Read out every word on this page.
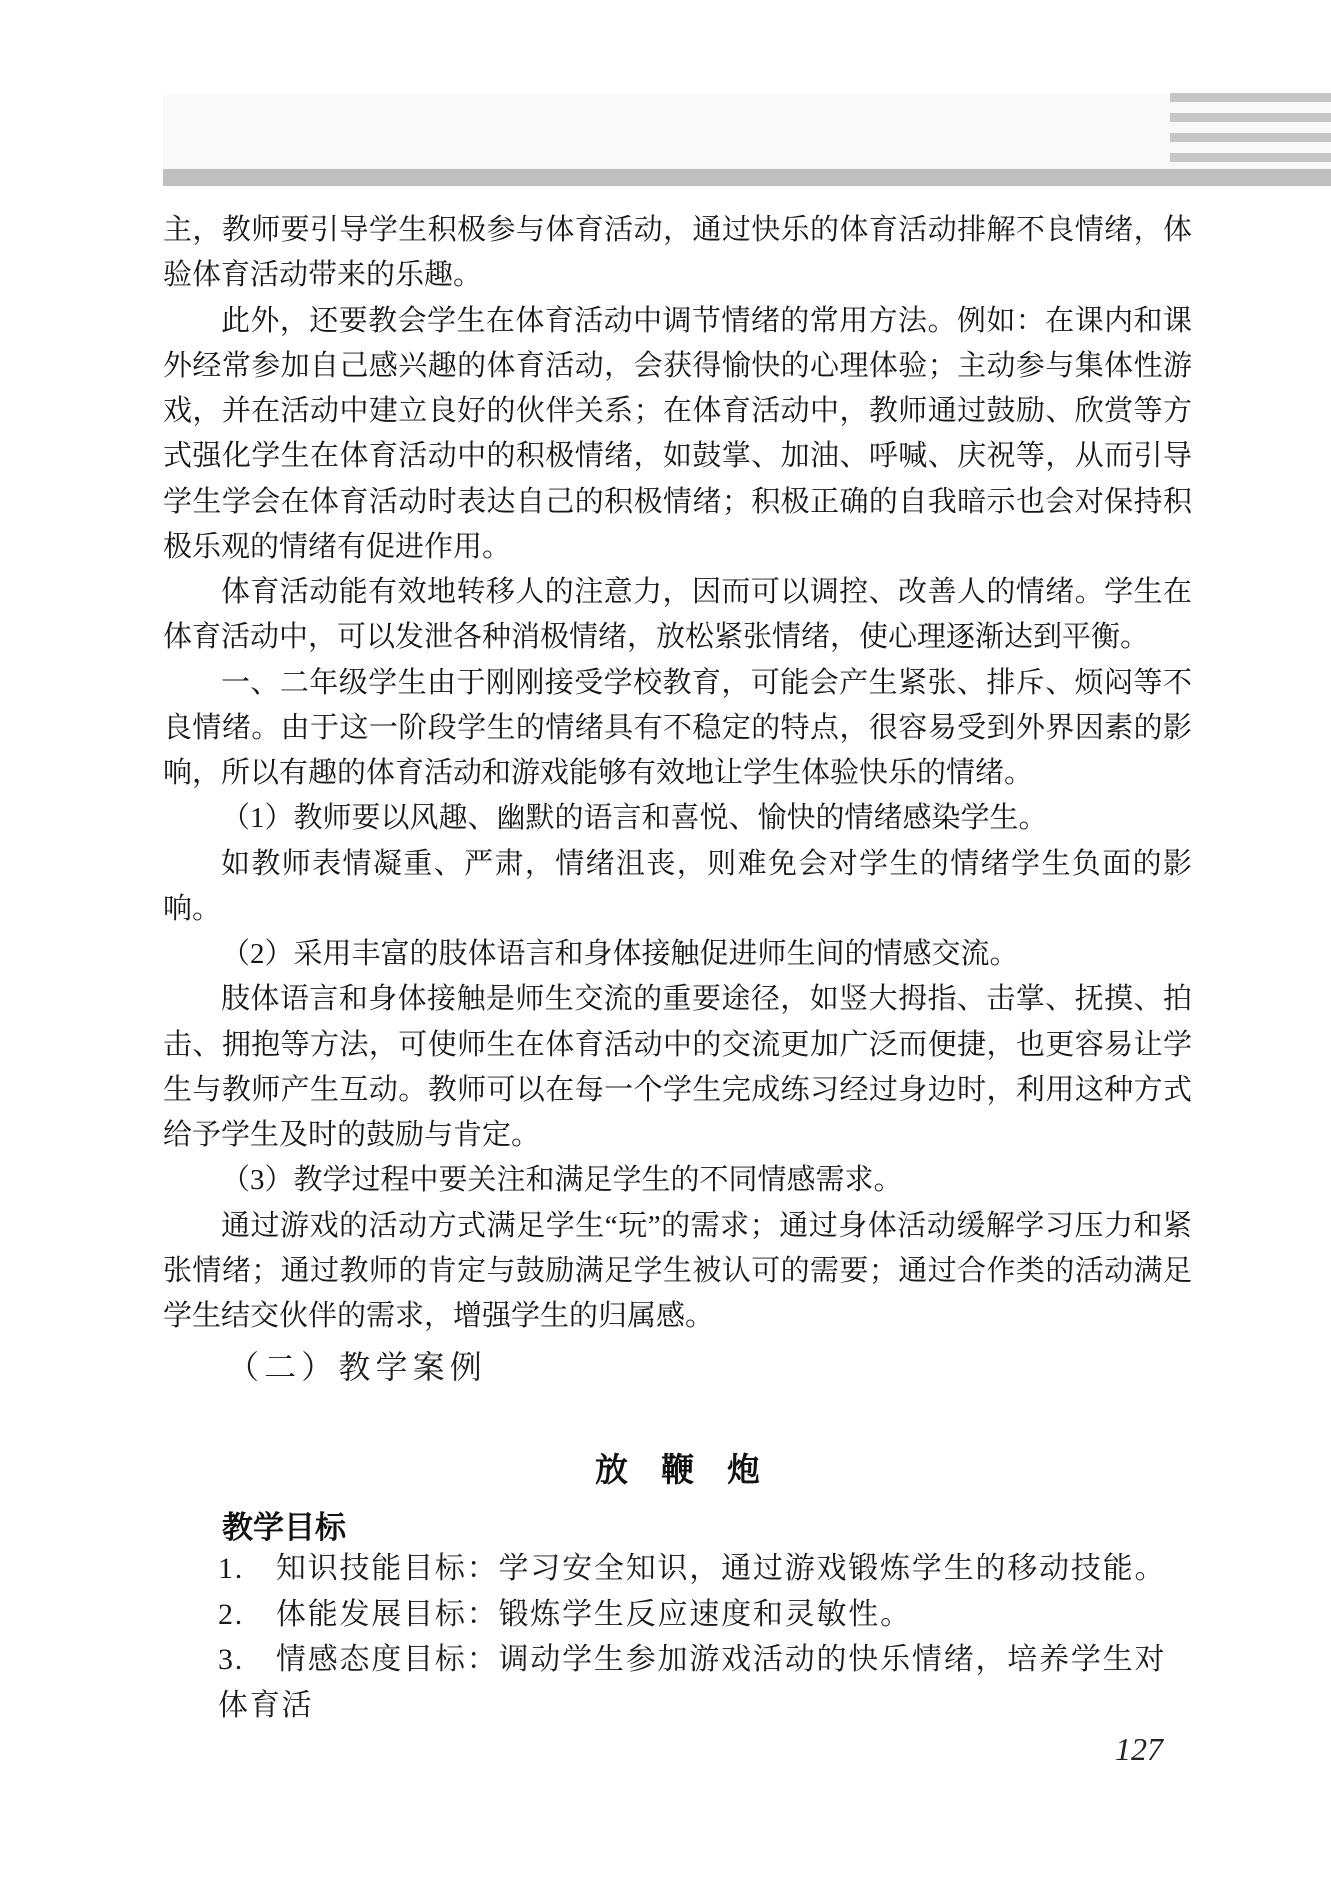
主，教师要引导学生积极参与体育活动，通过快乐的体育活动排解不良情绪，体验体育活动带来的乐趣。

此外，还要教会学生在体育活动中调节情绪的常用方法。例如：在课内和课外经常参加自己感兴趣的体育活动，会获得愉快的心理体验；主动参与集体性游戏，并在活动中建立良好的伙伴关系；在体育活动中，教师通过鼓励、欣赏等方式强化学生在体育活动中的积极情绪，如鼓掌、加油、呼喊、庆祝等，从而引导学生学会在体育活动时表达自己的积极情绪；积极正确的自我暗示也会对保持积极乐观的情绪有促进作用。

体育活动能有效地转移人的注意力，因而可以调控、改善人的情绪。学生在体育活动中，可以发泄各种消极情绪，放松紧张情绪，使心理逐渐达到平衡。

一、二年级学生由于刚刚接受学校教育，可能会产生紧张、排斥、烦闷等不良情绪。由于这一阶段学生的情绪具有不稳定的特点，很容易受到外界因素的影响，所以有趣的体育活动和游戏能够有效地让学生体验快乐的情绪。

（1）教师要以风趣、幽默的语言和喜悦、愉快的情绪感染学生。

如教师表情凝重、严肃，情绪沮丧，则难免会对学生的情绪学生负面的影响。

（2）采用丰富的肢体语言和身体接触促进师生间的情感交流。

肢体语言和身体接触是师生交流的重要途径，如竖大拇指、击掌、抚摸、拍击、拥抱等方法，可使师生在体育活动中的交流更加广泛而便捷，也更容易让学生与教师产生互动。教师可以在每一个学生完成练习经过身边时，利用这种方式给予学生及时的鼓励与肯定。

（3）教学过程中要关注和满足学生的不同情感需求。

通过游戏的活动方式满足学生“玩”的需求；通过身体活动缓解学习压力和紧张情绪；通过教师的肯定与鼓励满足学生被认可的需要；通过合作类的活动满足学生结交伙伴的需求，增强学生的归属感。

（二）教学案例
放　鞭　炮
教学目标

1.　知识技能目标：学习安全知识，通过游戏锻炼学生的移动技能。

2.　体能发展目标：锻炼学生反应速度和灵敏性。

3.　情感态度目标：调动学生参加游戏活动的快乐情绪，培养学生对体育活

127
